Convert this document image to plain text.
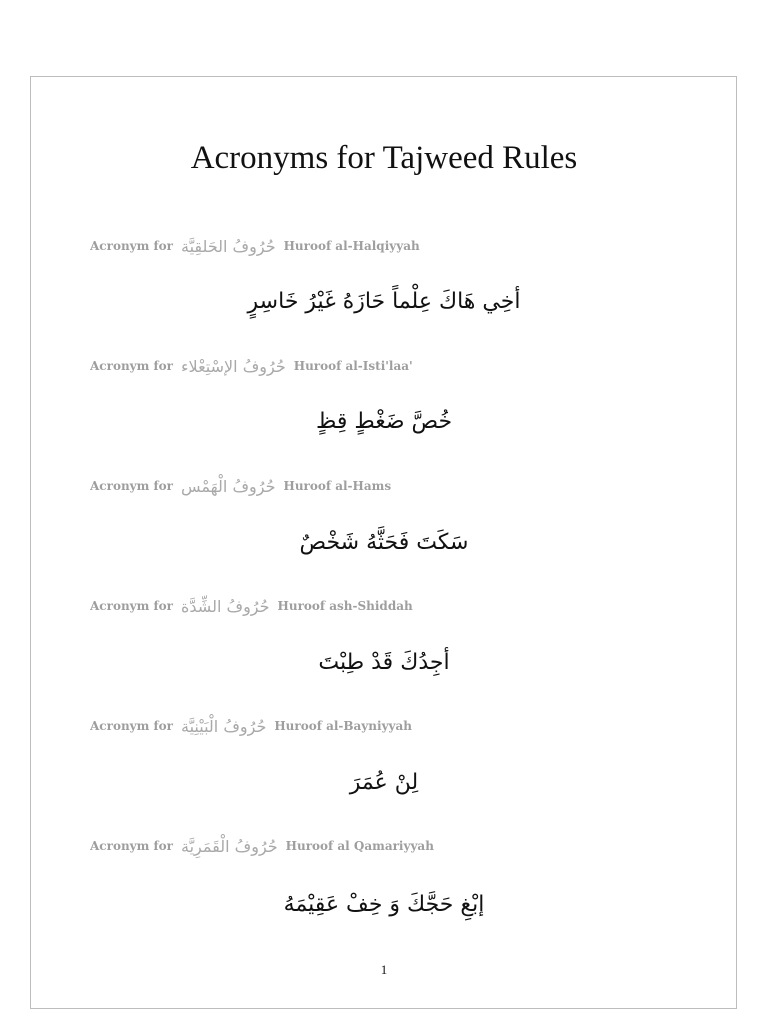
Acronyms for Tajweed Rules
Acronym for حُرُوفُ الحَلقِيَّة Huroof al-Halqiyyah
أخِي هَاكَ عِلْماً حَازَهُ غَيْرُ خَاسِرٍ
Acronym for حُرُوفُ الإسْتِعْلاء Huroof al-Isti'laa'
خُصَّ ضَغْطٍ قِظٍ
Acronym for حُرُوفُ الْهَمْس Huroof al-Hams
سَكَتَ فَحَثَّهُ شَخْصٌ
Acronym for حُرُوفُ الشِّدَّة Huroof ash-Shiddah
أجِدُكَ قَدْ طِبْتَ
Acronym for حُرُوفُ الْبَيْنِيَّة Huroof al-Bayniyyah
لِنْ عُمَرَ
Acronym for حُرُوفُ الْقَمَرِيَّة Huroof al Qamariyyah
إبْغِ حَجَّكَ وَ خِفْ عَقِيْمَهُ
1
